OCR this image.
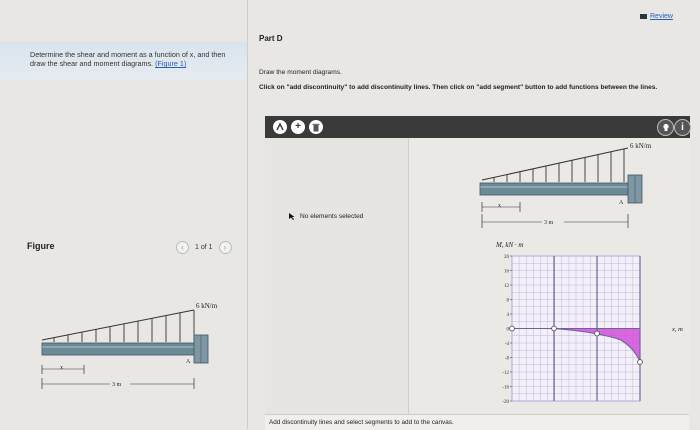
Determine the shear and moment as a function of x, and then draw the shear and moment diagrams. (Figure 1)
Figure	‹	1 of 1	›
6 kN/m
A
x
3 m
Review
Part D
Draw the moment diagrams.
Click on "add discontinuity" to add discontinuity lines. Then click on "add segment" button to add functions between the lines.
+	i
No elements selected
6 kN/m
A
x
3 m
M, kN · m
20
16
12
8
4
0
-4
-8
-12
-16
-20
x, m
Add discontinuity lines and select segments to add to the canvas.
